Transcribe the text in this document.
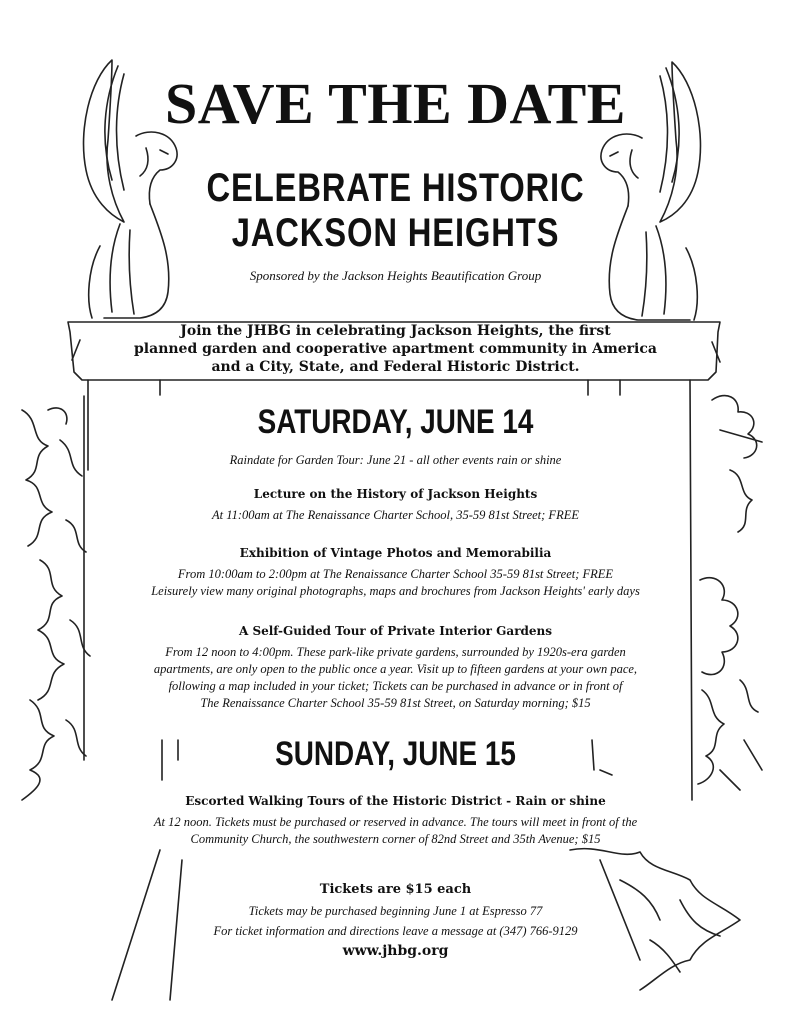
SAVE THE DATE
CELEBRATE HISTORIC
JACKSON HEIGHTS
Sponsored by the Jackson Heights Beautification Group
Join the JHBG in celebrating Jackson Heights, the first
planned garden and cooperative apartment community in America
and a City, State, and Federal Historic District.
SATURDAY, JUNE 14
Raindate for Garden Tour: June 21 - all other events rain or shine
Lecture on the History of Jackson Heights
At 11:00am at The Renaissance Charter School, 35-59 81st Street; FREE
Exhibition of Vintage Photos and Memorabilia
From 10:00am to 2:00pm at The Renaissance Charter School 35-59 81st Street; FREE
Leisurely view many original photographs, maps and brochures from Jackson Heights' early days
A Self-Guided Tour of Private Interior Gardens
From 12 noon to 4:00pm. These park-like private gardens, surrounded by 1920s-era garden
apartments, are only open to the public once a year. Visit up to fifteen gardens at your own pace,
following a map included in your ticket; Tickets can be purchased in advance or in front of
The Renaissance Charter School 35-59 81st Street, on Saturday morning; $15
SUNDAY, JUNE 15
Escorted Walking Tours of the Historic District - Rain or shine
At 12 noon. Tickets must be purchased or reserved in advance. The tours will meet in front of the
Community Church, the southwestern corner of 82nd Street and 35th Avenue; $15
Tickets are $15 each
Tickets may be purchased beginning June 1 at Espresso 77
For ticket information and directions leave a message at (347) 766-9129
www.jhbg.org
